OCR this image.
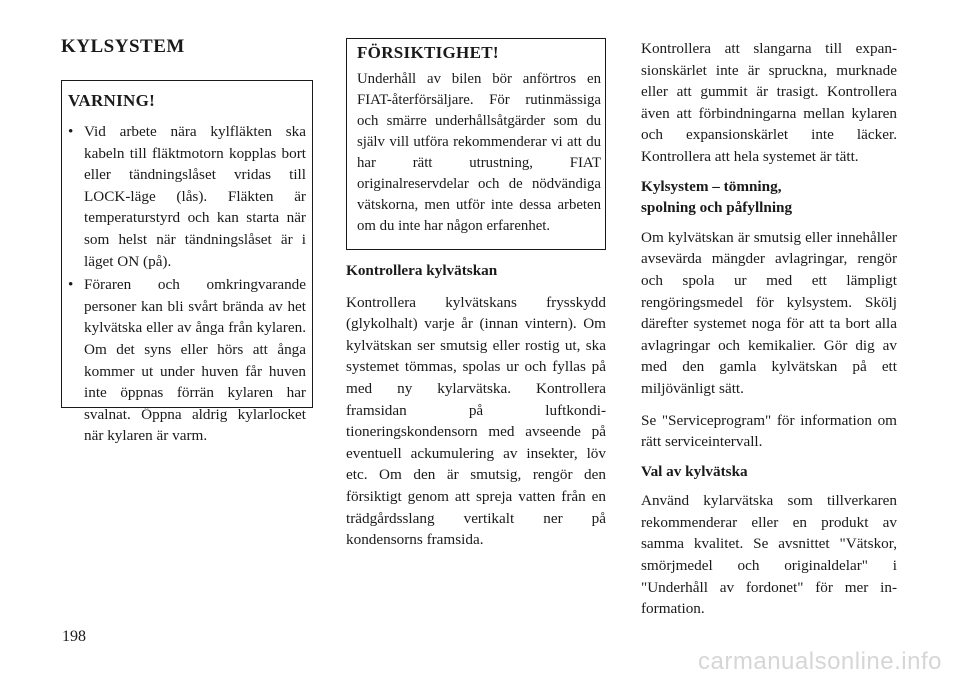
KYLSYSTEM
VARNING!
• Vid arbete nära kylfläkten ska kabeln till fläktmotorn kopplas bort eller tändningslåset vridas till LOCK-läge (lås). Fläkten är temperaturstyrd och kan starta när som helst när tändningslåset är i läget ON (på).
• Föraren och omkringvarande personer kan bli svårt brända av het kylvätska eller av ånga från kylaren. Om det syns eller hörs att ånga kommer ut under huven får huven inte öppnas förrän kylaren har svalnat. Öppna aldrig kylarlocket när kylaren är varm.
FÖRSIKTIGHET!

Underhåll av bilen bör anförtros en FIAT-återförsäljare. För rutinmässiga och smärre underhållsåtgärder som du själv vill utföra rekommenderar vi att du har rätt utrustning, FIAT originalreservdelar och de nödvändiga vätskorna, men utför inte dessa arbeten om du inte har någon erfarenhet.

Kontrollera kylvätskan

Kontrollera kylvätskans frysskydd (glykolhalt) varje år (innan vintern). Om kylvätskan ser smutsig eller rostig ut, ska systemet tömmas, spolas ur och fyllas på med ny kylarvätska. Kontrollera framsidan på luftkonditioneringskondensorn med avseende på eventuell ackumulering av insekter, löv etc. Om den är smutsig, rengör den försiktigt genom att spreja vatten från en trädgårdsslang vertikalt ner på kondensorns framsida.

Kontrollera att slangarna till expansionskärlet inte är spruckna, murknade eller att gummit är trasigt. Kontrollera även att förbindningarna mellan kylaren och expansionskärlet inte läcker. Kontrollera att hela systemet är tätt.

Kylsystem – tömning, spolning och påfyllning

Om kylvätskan är smutsig eller innehåller avsevärda mängder avlagringar, rengör och spola ur med ett lämpligt rengöringsmedel för kylsystem. Skölj därefter systemet noga för att ta bort alla avlagringar och kemikalier. Gör dig av med den gamla kylvätskan på ett miljövänligt sätt.

Se "Serviceprogram" för information om rätt serviceintervall.

Val av kylvätska

Använd kylarvätska som tillverkaren rekommenderar eller en produkt av samma kvalitet. Se avsnittet "Vätskor, smörjmedel och originaldelar" i "Underhåll av fordonet" för mer information.

198
carmanualsonline.info
